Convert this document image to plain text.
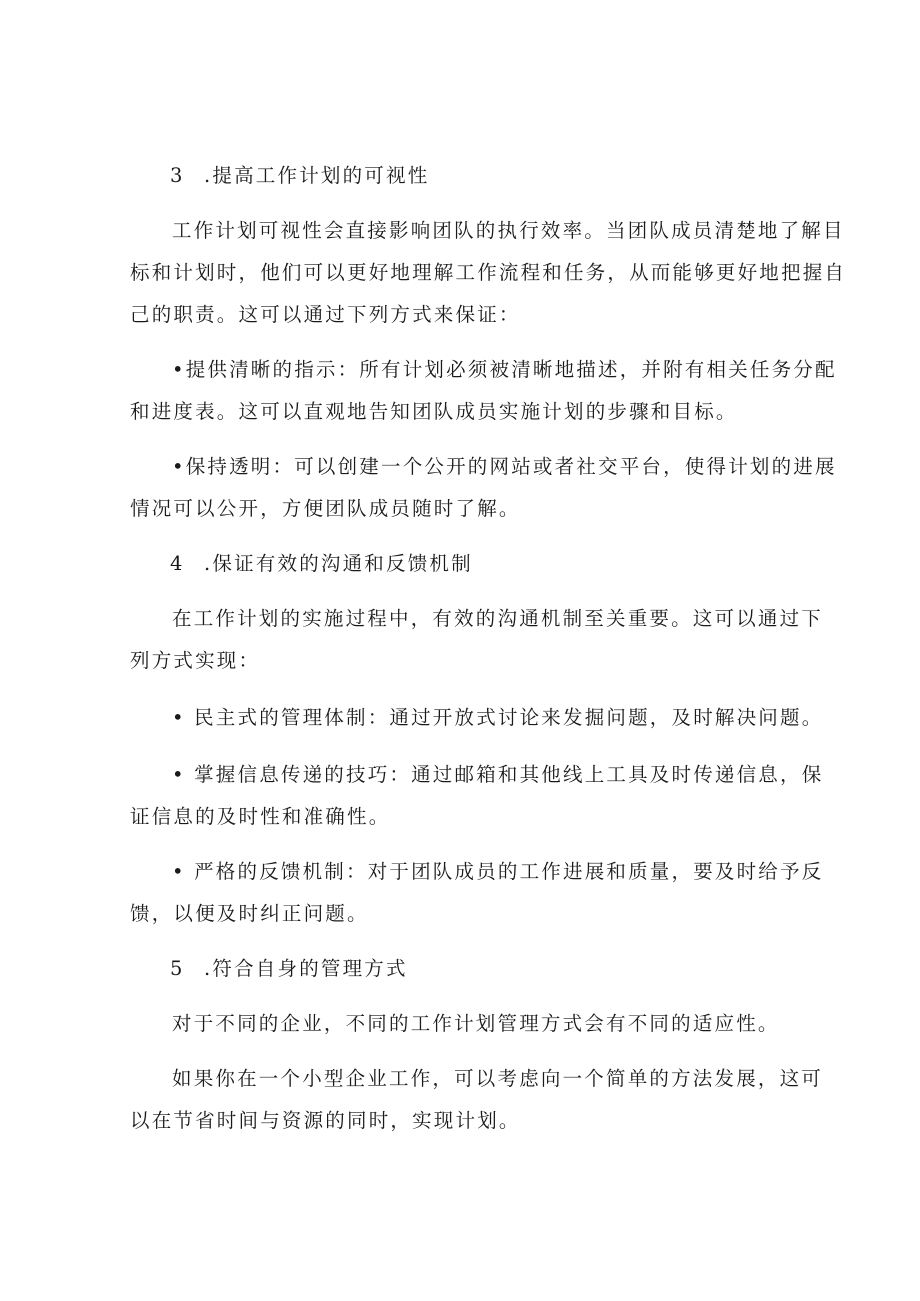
3 .提高工作计划的可视性

工作计划可视性会直接影响团队的执行效率。当团队成员清楚地了解目

标和计划时，他们可以更好地理解工作流程和任务，从而能够更好地把握自

己的职责。这可以通过下列方式来保证：

•提供清晰的指示：所有计划必须被清晰地描述，并附有相关任务分配

和进度表。这可以直观地告知团队成员实施计划的步骤和目标。

•保持透明：可以创建一个公开的网站或者社交平台，使得计划的进展

情况可以公开，方便团队成员随时了解。

4 .保证有效的沟通和反馈机制

在工作计划的实施过程中，有效的沟通机制至关重要。这可以通过下

列方式实现：

• 民主式的管理体制：通过开放式讨论来发掘问题，及时解决问题。

• 掌握信息传递的技巧：通过邮箱和其他线上工具及时传递信息，保

证信息的及时性和准确性。

• 严格的反馈机制：对于团队成员的工作进展和质量，要及时给予反

馈，以便及时纠正问题。

5 .符合自身的管理方式

对于不同的企业，不同的工作计划管理方式会有不同的适应性。

如果你在一个小型企业工作，可以考虑向一个简单的方法发展，这可

以在节省时间与资源的同时，实现计划。
